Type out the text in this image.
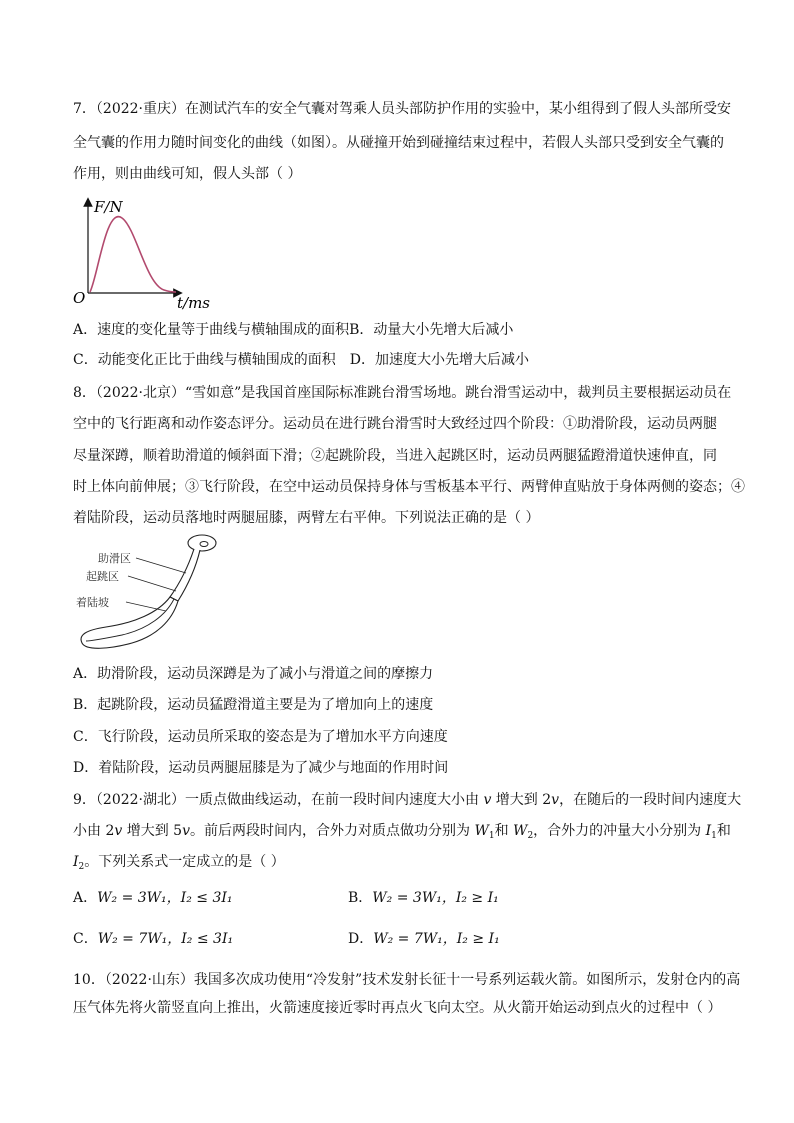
7．（2022·重庆）在测试汽车的安全气囊对驾乘人员头部防护作用的实验中，某小组得到了假人头部所受安
全气囊的作用力随时间变化的曲线（如图）。从碰撞开始到碰撞结束过程中，若假人头部只受到安全气囊的
作用，则由曲线可知，假人头部（ ）
F/N
O	t/ms
A．速度的变化量等于曲线与横轴围成的面积B．动量大小先增大后减小
C．动能变化正比于曲线与横轴围成的面积 D．加速度大小先增大后减小
8．（2022·北京）“雪如意”是我国首座国际标准跳台滑雪场地。跳台滑雪运动中，裁判员主要根据运动员在
空中的飞行距离和动作姿态评分。运动员在进行跳台滑雪时大致经过四个阶段：①助滑阶段，运动员两腿
尽量深蹲，顺着助滑道的倾斜面下滑；②起跳阶段，当进入起跳区时，运动员两腿猛蹬滑道快速伸直，同
时上体向前伸展；③飞行阶段，在空中运动员保持身体与雪板基本平行、两臂伸直贴放于身体两侧的姿态；④
着陆阶段，运动员落地时两腿屈膝，两臂左右平伸。下列说法正确的是（ ）
助滑区
起跳区
着陆坡
A．助滑阶段，运动员深蹲是为了减小与滑道之间的摩擦力
B．起跳阶段，运动员猛蹬滑道主要是为了增加向上的速度
C．飞行阶段，运动员所采取的姿态是为了增加水平方向速度
D．着陆阶段，运动员两腿屈膝是为了减少与地面的作用时间
9．（2022·湖北）一质点做曲线运动，在前一段时间内速度大小由 v 增大到 2v，在随后的一段时间内速度大
小由 2v 增大到 5v。前后两段时间内，合外力对质点做功分别为 $W_1$和 $W_2$，合外力的冲量大小分别为 $I_1$和
$I_2$。下列关系式一定成立的是（ ）
A．W₂ = 3W₁，I₂ ≤ 3I₁	B．W₂ = 3W₁，I₂ ≥ I₁
C．W₂ = 7W₁，I₂ ≤ 3I₁	D．W₂ = 7W₁，I₂ ≥ I₁
10．（2022·山东）我国多次成功使用“冷发射”技术发射长征十一号系列运载火箭。如图所示，发射仓内的高
压气体先将火箭竖直向上推出，火箭速度接近零时再点火飞向太空。从火箭开始运动到点火的过程中（ ）
